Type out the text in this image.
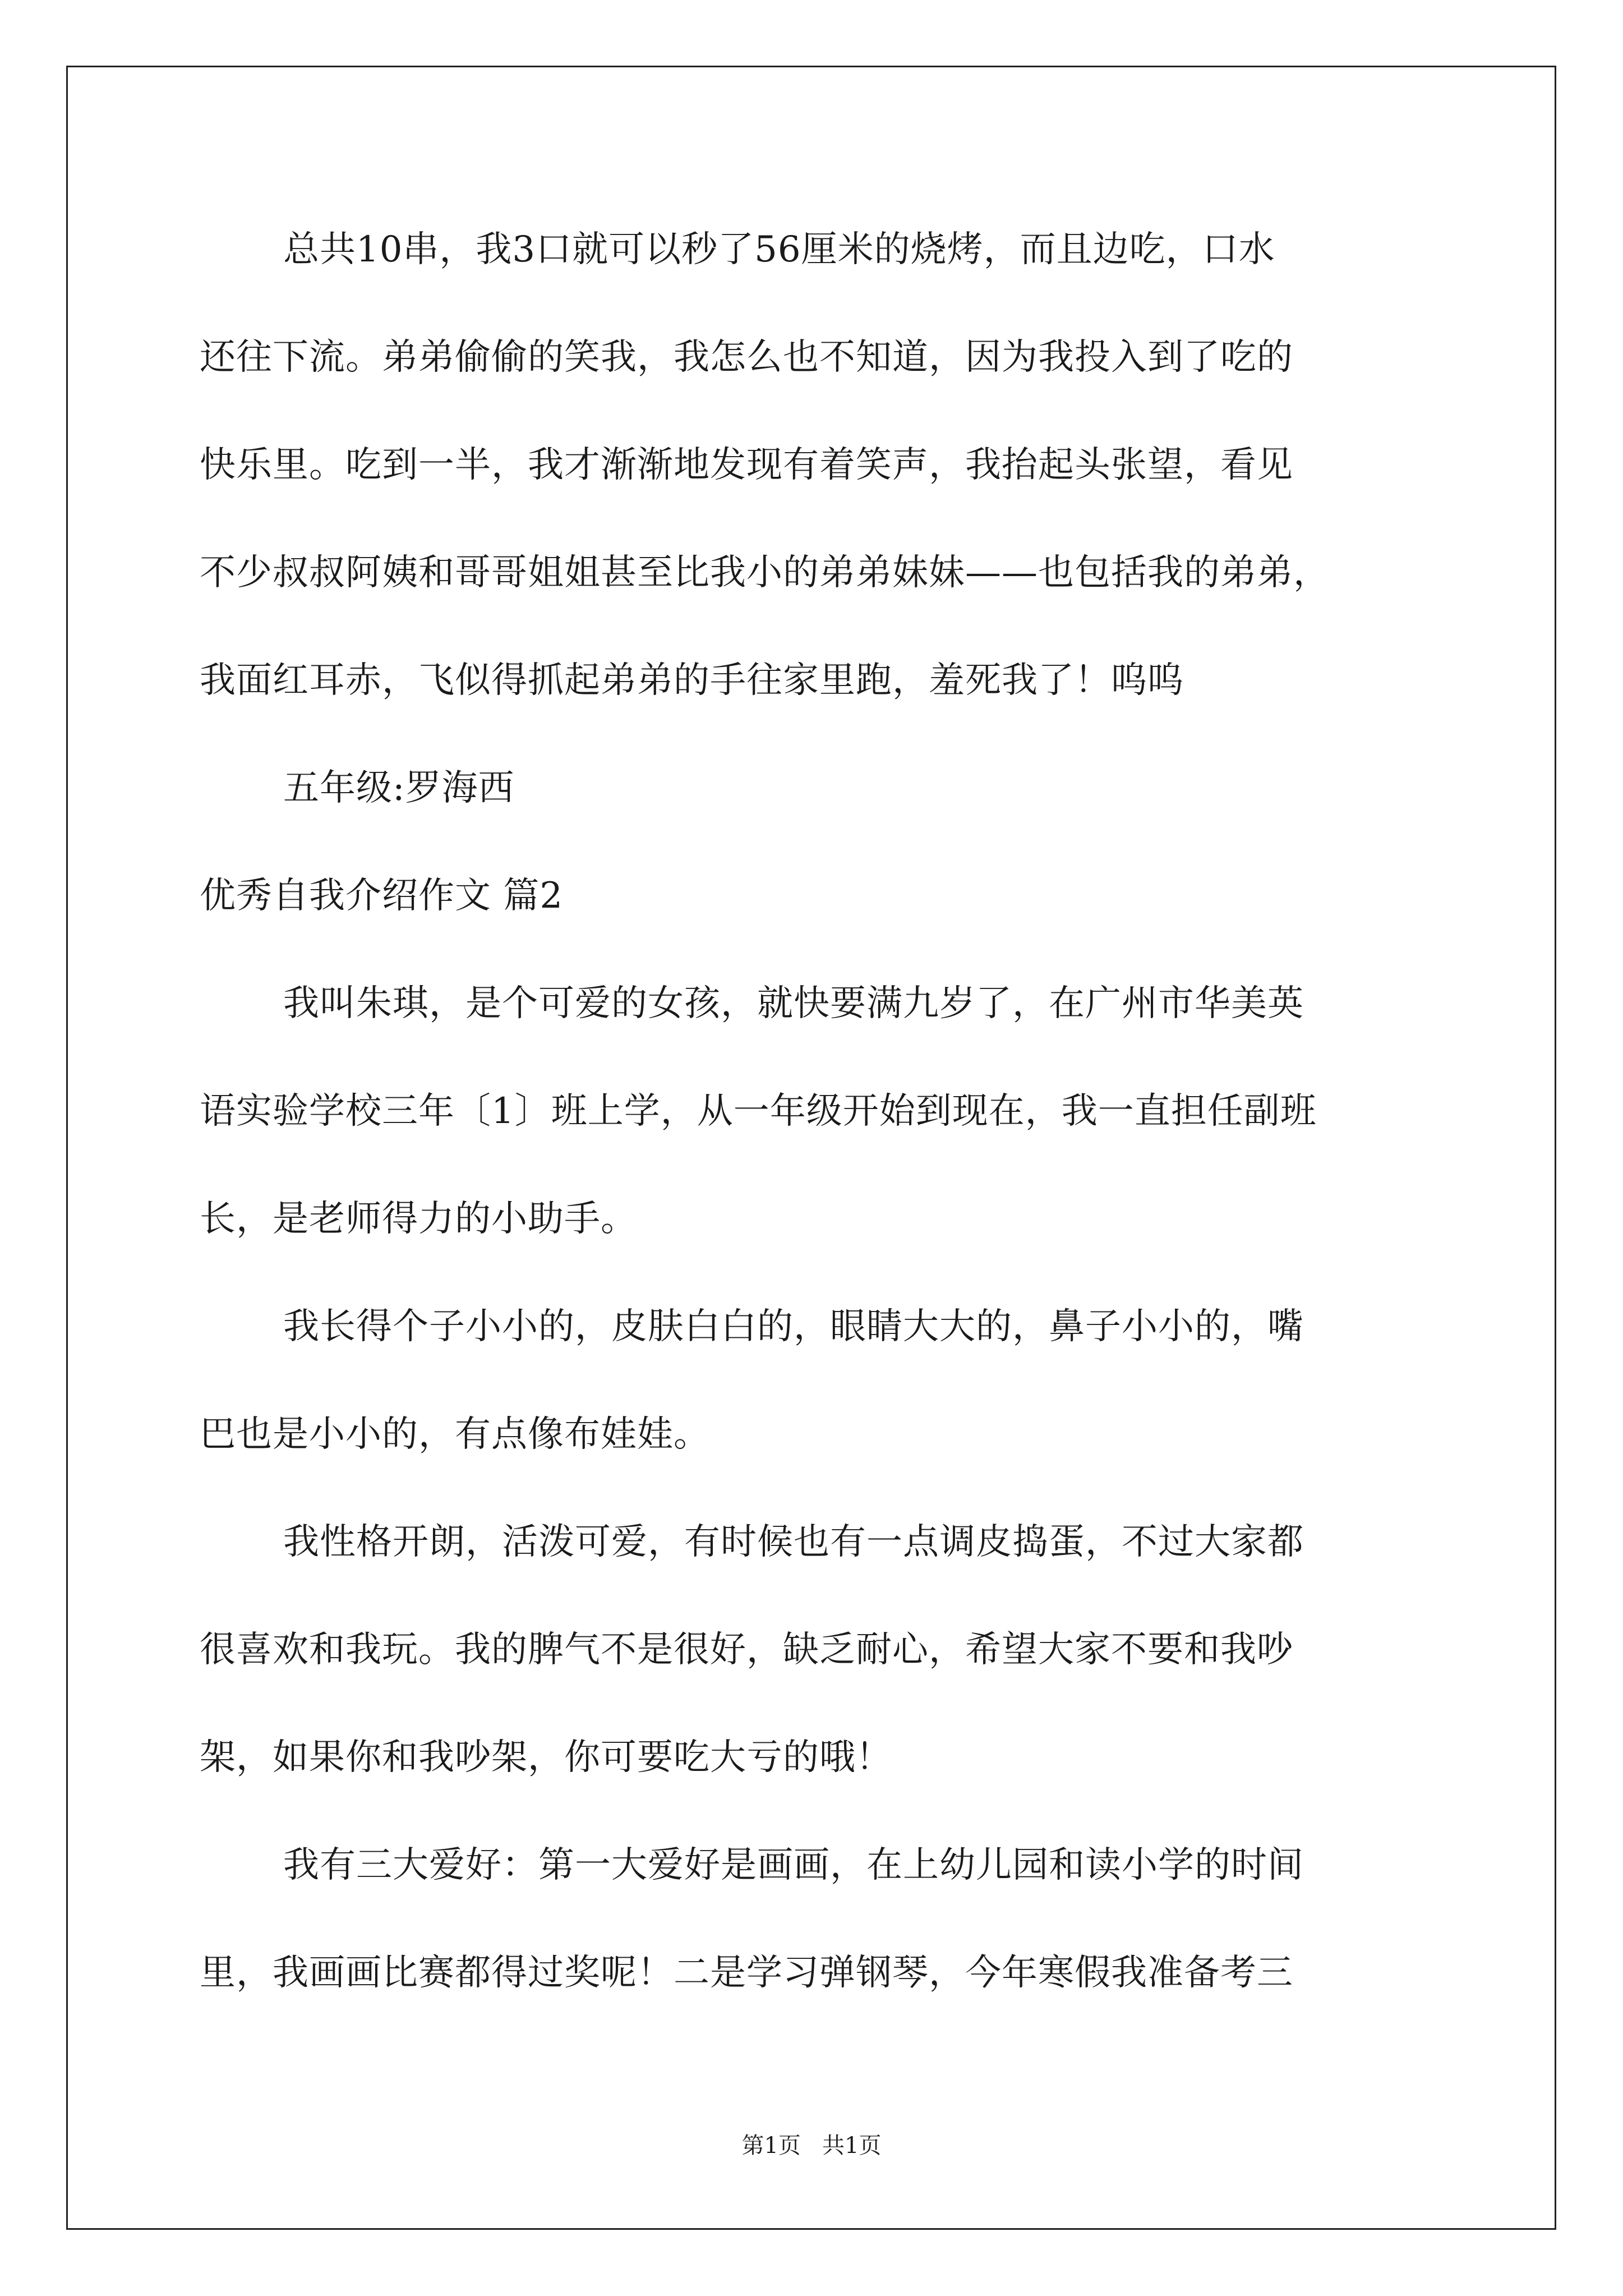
总共10串，我3口就可以秒了56厘米的烧烤，而且边吃，口水
还往下流。弟弟偷偷的笑我，我怎么也不知道，因为我投入到了吃的
快乐里。吃到一半，我才渐渐地发现有着笑声，我抬起头张望，看见
不少叔叔阿姨和哥哥姐姐甚至比我小的弟弟妹妹——也包括我的弟弟，
我面红耳赤，飞似得抓起弟弟的手往家里跑，羞死我了！呜呜
五年级:罗海西
优秀自我介绍作文 篇2
我叫朱琪，是个可爱的女孩，就快要满九岁了，在广州市华美英
语实验学校三年〔1〕班上学，从一年级开始到现在，我一直担任副班
长，是老师得力的小助手。
我长得个子小小的，皮肤白白的，眼睛大大的，鼻子小小的，嘴
巴也是小小的，有点像布娃娃。
我性格开朗，活泼可爱，有时候也有一点调皮捣蛋，不过大家都
很喜欢和我玩。我的脾气不是很好，缺乏耐心，希望大家不要和我吵
架，如果你和我吵架，你可要吃大亏的哦！
我有三大爱好：第一大爱好是画画，在上幼儿园和读小学的时间
里，我画画比赛都得过奖呢！二是学习弹钢琴，今年寒假我准备考三
第1页   共1页
